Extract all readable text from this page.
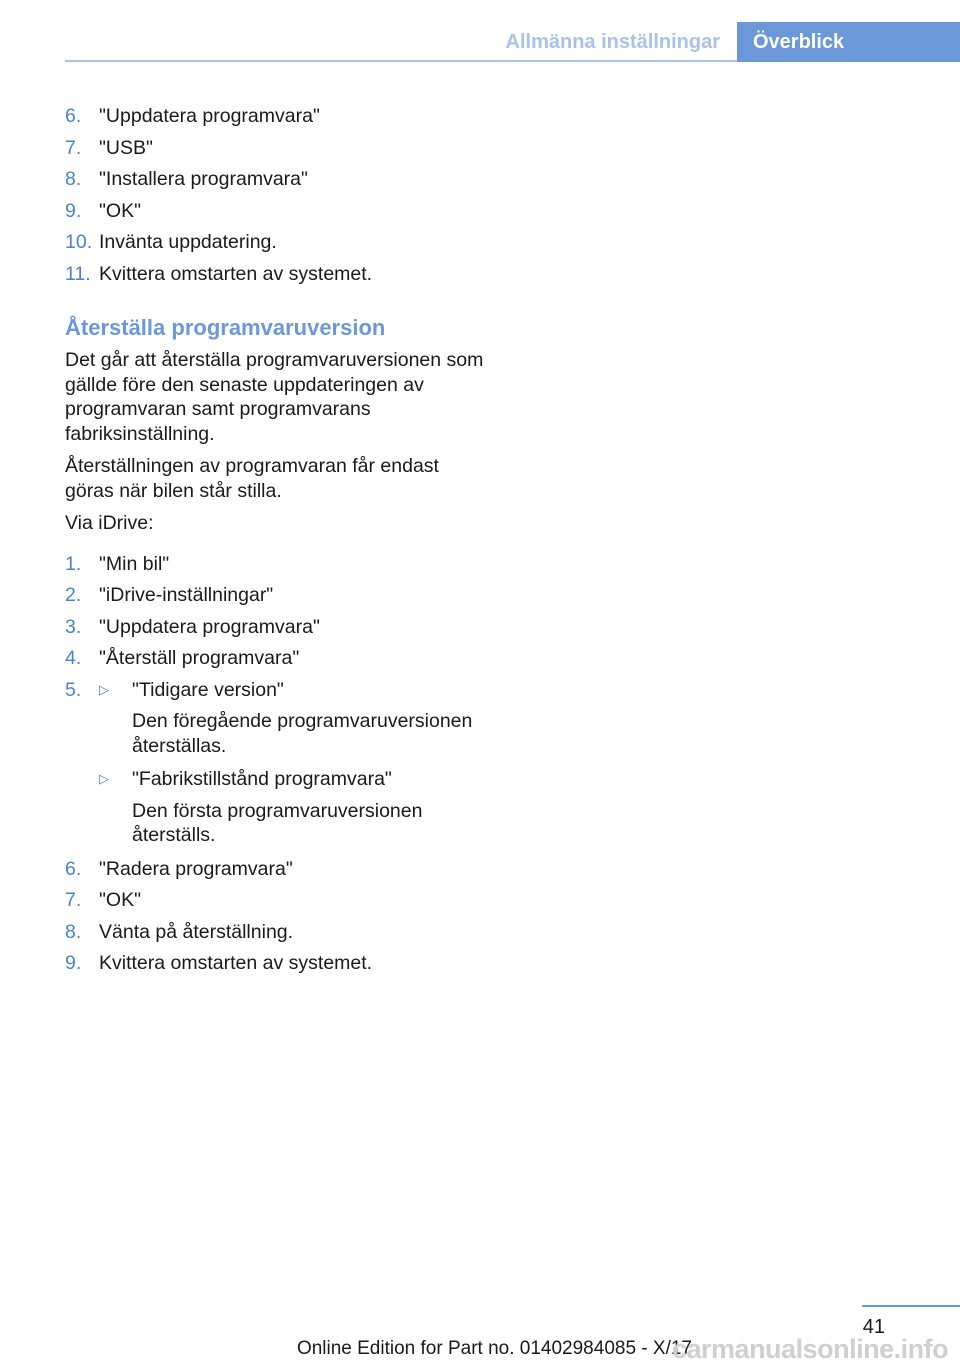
Allmänna inställningar	Överblick
6. "Uppdatera programvara"
7. "USB"
8. "Installera programvara"
9. "OK"
10. Invänta uppdatering.
11. Kvittera omstarten av systemet.
Återställa programvaruversion

Det går att återställa programvaruversionen som gällde före den senaste uppdateringen av programvaran samt programvarans fabriksinställning.

Återställningen av programvaran får endast göras när bilen står stilla.

Via iDrive:

1. "Min bil"
2. "iDrive-inställningar"
3. "Uppdatera programvara"
4. "Återställ programvara"
5. ▷ "Tidigare version"
Den föregående programvaruversionen återställas.
▷ "Fabrikstillstånd programvara"
Den första programvaruversionen återställs.
6. "Radera programvara"
7. "OK"
8. Vänta på återställning.
9. Kvittera omstarten av systemet.
41
Online Edition for Part no. 01402984085 - X/17
carmanualsonline.info
